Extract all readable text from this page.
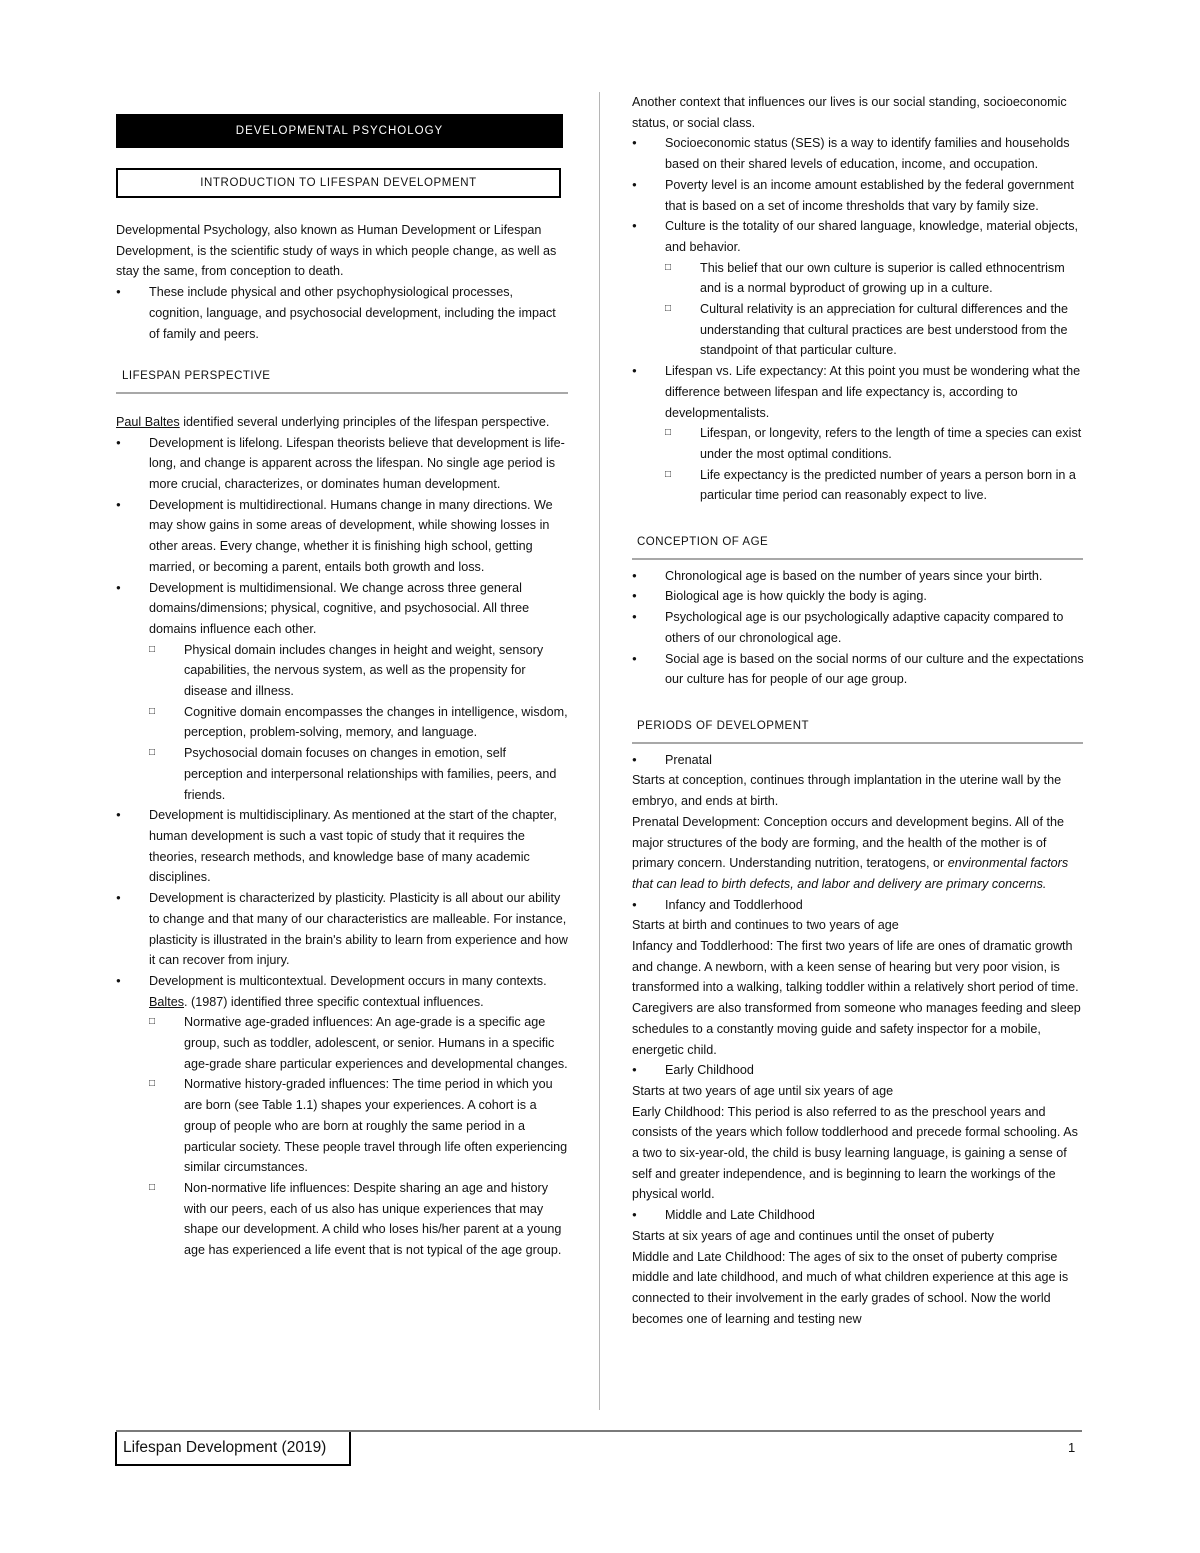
DEVELOPMENTAL PSYCHOLOGY
INTRODUCTION TO LIFESPAN DEVELOPMENT

Developmental Psychology, also known as Human Development or Lifespan Development, is the scientific study of ways in which people change, as well as stay the same, from conception to death.

● These include physical and other psychophysiological processes, cognition, language, and psychosocial development, including the impact of family and peers.
LIFESPAN PERSPECTIVE

Paul Baltes identified several underlying principles of the lifespan perspective.

● Development is lifelong. Lifespan theorists believe that development is life-long, and change is apparent across the lifespan. No single age period is more crucial, characterizes, or dominates human development.
● Development is multidirectional. Humans change in many directions. We may show gains in some areas of development, while showing losses in other areas. Every change, whether it is finishing high school, getting married, or becoming a parent, entails both growth and loss.
● Development is multidimensional. We change across three general domains/dimensions; physical, cognitive, and psychosocial. All three domains influence each other.
□ Physical domain includes changes in height and weight, sensory capabilities, the nervous system, as well as the propensity for disease and illness.
□ Cognitive domain encompasses the changes in intelligence, wisdom, perception, problem-solving, memory, and language.
□ Psychosocial domain focuses on changes in emotion, self perception and interpersonal relationships with families, peers, and friends.
● Development is multidisciplinary. As mentioned at the start of the chapter, human development is such a vast topic of study that it requires the theories, research methods, and knowledge base of many academic disciplines.
● Development is characterized by plasticity. Plasticity is all about our ability to change and that many of our characteristics are malleable. For instance, plasticity is illustrated in the brain's ability to learn from experience and how it can recover from injury.
● Development is multicontextual. Development occurs in many contexts. Baltes. (1987) identified three specific contextual influences.
□ Normative age-graded influences: An age-grade is a specific age group, such as toddler, adolescent, or senior. Humans in a specific age-grade share particular experiences and developmental changes.
□ Normative history-graded influences: The time period in which you are born (see Table 1.1) shapes your experiences. A cohort is a group of people who are born at roughly the same period in a particular society. These people travel through life often experiencing similar circumstances.
□ Non-normative life influences: Despite sharing an age and history with our peers, each of us also has unique experiences that may shape our development. A child who loses his/her parent at a young age has experienced a life event that is not typical of the age group.

Another context that influences our lives is our social standing, socioeconomic status, or social class.

● Socioeconomic status (SES) is a way to identify families and households based on their shared levels of education, income, and occupation.
● Poverty level is an income amount established by the federal government that is based on a set of income thresholds that vary by family size.
● Culture is the totality of our shared language, knowledge, material objects, and behavior.
□ This belief that our own culture is superior is called ethnocentrism and is a normal byproduct of growing up in a culture.
□ Cultural relativity is an appreciation for cultural differences and the understanding that cultural practices are best understood from the standpoint of that particular culture.
● Lifespan vs. Life expectancy: At this point you must be wondering what the difference between lifespan and life expectancy is, according to developmentalists.
□ Lifespan, or longevity, refers to the length of time a species can exist under the most optimal conditions.
□ Life expectancy is the predicted number of years a person born in a particular time period can reasonably expect to live.
CONCEPTION OF AGE
● Chronological age is based on the number of years since your birth.
● Biological age is how quickly the body is aging.
● Psychological age is our psychologically adaptive capacity compared to others of our chronological age.
● Social age is based on the social norms of our culture and the expectations our culture has for people of our age group.
PERIODS OF DEVELOPMENT
● Prenatal

Starts at conception, continues through implantation in the uterine wall by the embryo, and ends at birth.

Prenatal Development: Conception occurs and development begins. All of the major structures of the body are forming, and the health of the mother is of primary concern. Understanding nutrition, teratogens, or environmental factors that can lead to birth defects, and labor and delivery are primary concerns.

● Infancy and Toddlerhood

Starts at birth and continues to two years of age

Infancy and Toddlerhood: The first two years of life are ones of dramatic growth and change. A newborn, with a keen sense of hearing but very poor vision, is transformed into a walking, talking toddler within a relatively short period of time. Caregivers are also transformed from someone who manages feeding and sleep schedules to a constantly moving guide and safety inspector for a mobile, energetic child.

● Early Childhood

Starts at two years of age until six years of age

Early Childhood: This period is also referred to as the preschool years and consists of the years which follow toddlerhood and precede formal schooling. As a two to six-year-old, the child is busy learning language, is gaining a sense of self and greater independence, and is beginning to learn the workings of the physical world.

● Middle and Late Childhood

Starts at six years of age and continues until the onset of puberty

Middle and Late Childhood: The ages of six to the onset of puberty comprise middle and late childhood, and much of what children experience at this age is connected to their involvement in the early grades of school. Now the world becomes one of learning and testing new

Lifespan Development (2019)	1
